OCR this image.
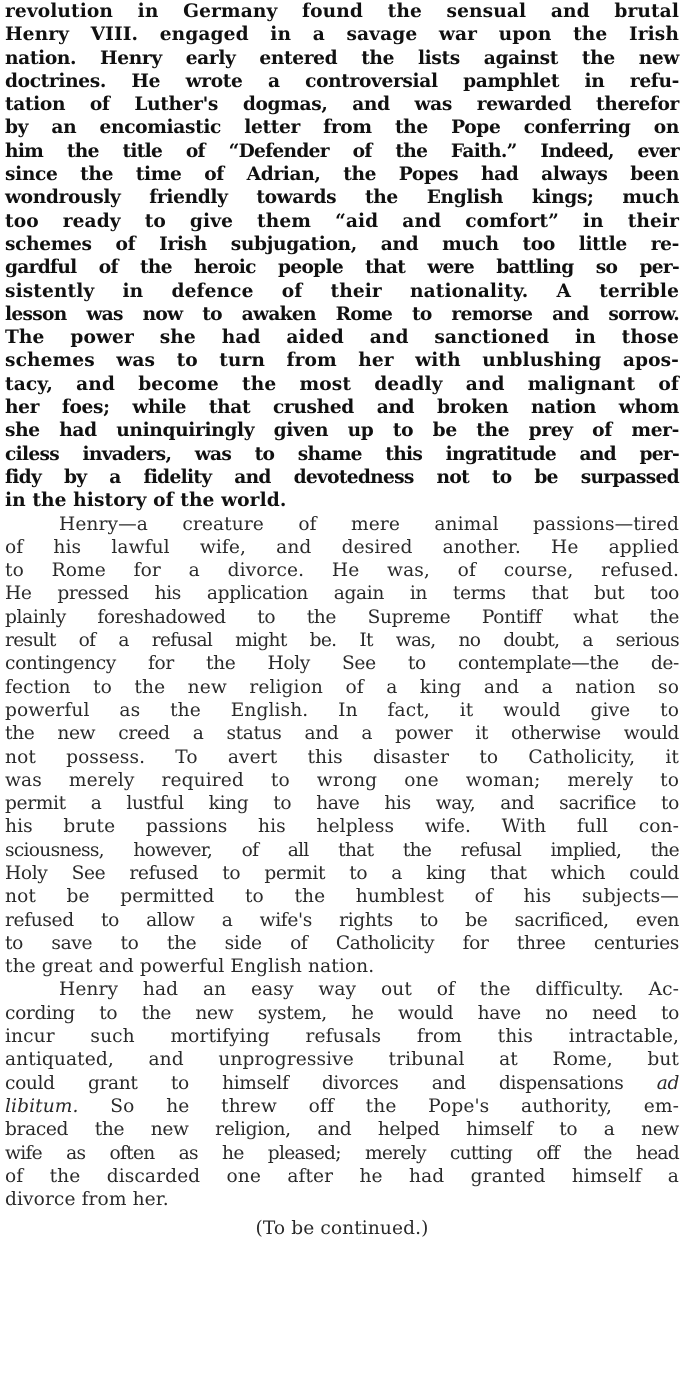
revolution in Germany found the sensual and brutal
Henry VIII. engaged in a savage war upon the Irish
nation. Henry early entered the lists against the new
doctrines. He wrote a controversial pamphlet in refu-
tation of Luther's dogmas, and was rewarded therefor
by an encomiastic letter from the Pope conferring on
him the title of “Defender of the Faith.” Indeed, ever
since the time of Adrian, the Popes had always been
wondrously friendly towards the English kings; much
too ready to give them “aid and comfort” in their
schemes of Irish subjugation, and much too little re-
gardful of the heroic people that were battling so per-
sistently in defence of their nationality. A terrible
lesson was now to awaken Rome to remorse and sorrow.
The power she had aided and sanctioned in those
schemes was to turn from her with unblushing apos-
tacy, and become the most deadly and malignant of
her foes; while that crushed and broken nation whom
she had uninquiringly given up to be the prey of mer-
ciless invaders, was to shame this ingratitude and per-
fidy by a fidelity and devotedness not to be surpassed
in the history of the world.
Henry—a creature of mere animal passions—tired
of his lawful wife, and desired another. He applied
to Rome for a divorce. He was, of course, refused.
He pressed his application again in terms that but too
plainly foreshadowed to the Supreme Pontiff what the
result of a refusal might be. It was, no doubt, a serious
contingency for the Holy See to contemplate—the de-
fection to the new religion of a king and a nation so
powerful as the English. In fact, it would give to
the new creed a status and a power it otherwise would
not possess. To avert this disaster to Catholicity, it
was merely required to wrong one woman; merely to
permit a lustful king to have his way, and sacrifice to
his brute passions his helpless wife. With full con-
sciousness, however, of all that the refusal implied, the
Holy See refused to permit to a king that which could
not be permitted to the humblest of his subjects—
refused to allow a wife's rights to be sacrificed, even
to save to the side of Catholicity for three centuries
the great and powerful English nation.
Henry had an easy way out of the difficulty. Ac-
cording to the new system, he would have no need to
incur such mortifying refusals from this intractable,
antiquated, and unprogressive tribunal at Rome, but
could grant to himself divorces and dispensations ad
libitum. So he threw off the Pope's authority, em-
braced the new religion, and helped himself to a new
wife as often as he pleased; merely cutting off the head
of the discarded one after he had granted himself a
divorce from her.
(To be continued.)
